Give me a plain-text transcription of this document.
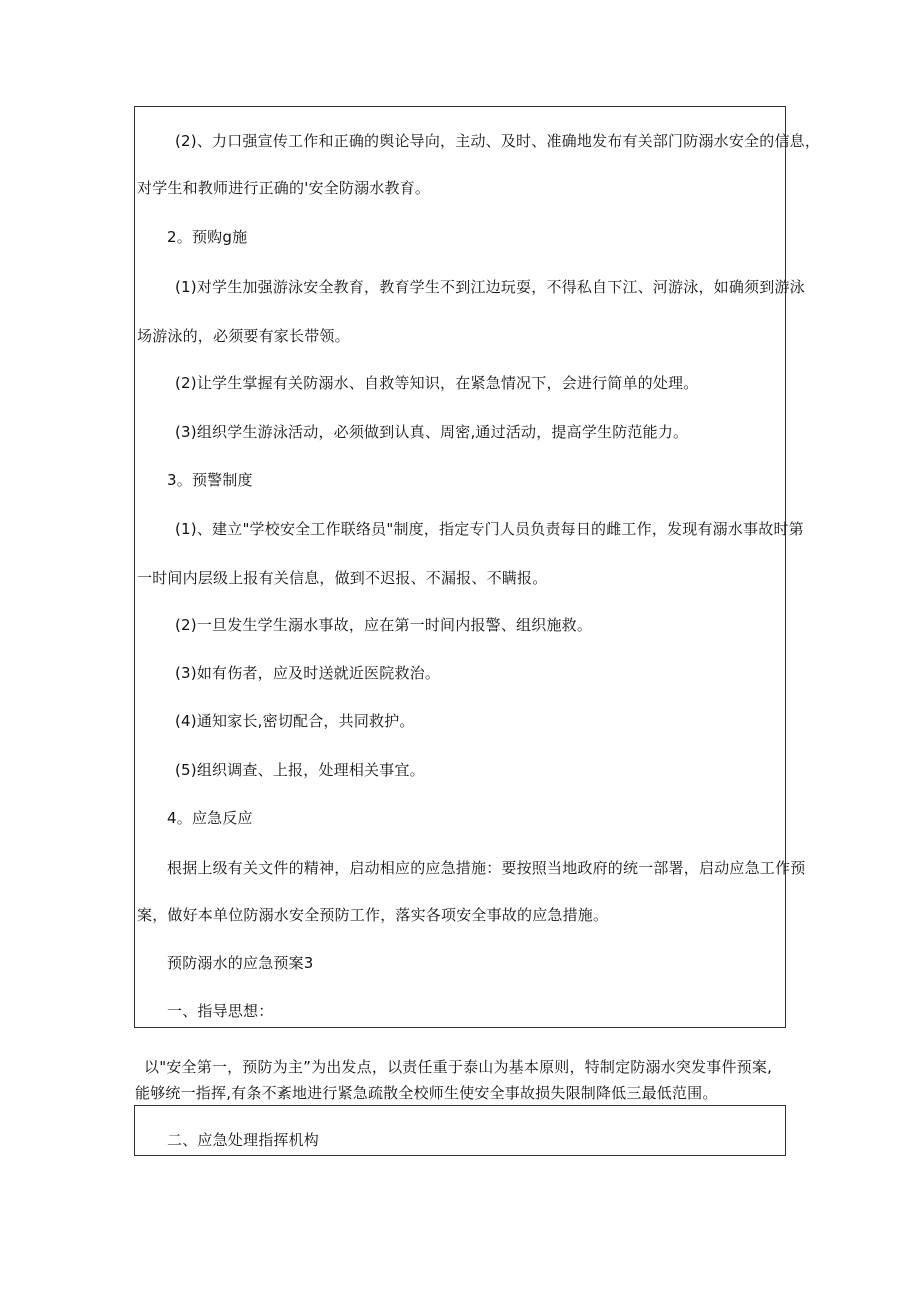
(2)、力口强宣传工作和正确的舆论导向，主动、及时、准确地发布有关部门防溺水安全的信息，
对学生和教师进行正确的'安全防溺水教育。
2。预购g施
(1)对学生加强游泳安全教育，教育学生不到江边玩耍，不得私自下江、河游泳，如确须到游泳
场游泳的，必须要有家长带领。
(2)让学生掌握有关防溺水、自救等知识，在紧急情况下，会进行简单的处理。
(3)组织学生游泳活动，必须做到认真、周密,通过活动，提高学生防范能力。
3。预警制度
(1)、建立"学校安全工作联络员"制度，指定专门人员负责每日的雌工作，发现有溺水事故时第
一时间内层级上报有关信息，做到不迟报、不漏报、不瞒报。
(2)一旦发生学生溺水事故，应在第一时间内报警、组织施救。
(3)如有伤者，应及时送就近医院救治。
(4)通知家长,密切配合，共同救护。
(5)组织调查、上报，处理相关事宜。
4。应急反应
根据上级有关文件的精神，启动相应的应急措施：要按照当地政府的统一部署，启动应急工作预
案，做好本单位防溺水安全预防工作，落实各项安全事故的应急措施。
预防溺水的应急预案3
一、指导思想：
以"安全第一，预防为主”为出发点，以责任重于泰山为基本原则，特制定防溺水突发事件预案,
能够统一指挥,有条不紊地进行紧急疏散全校师生使安全事故损失限制降低三最低范围。
二、应急处理指挥机构
